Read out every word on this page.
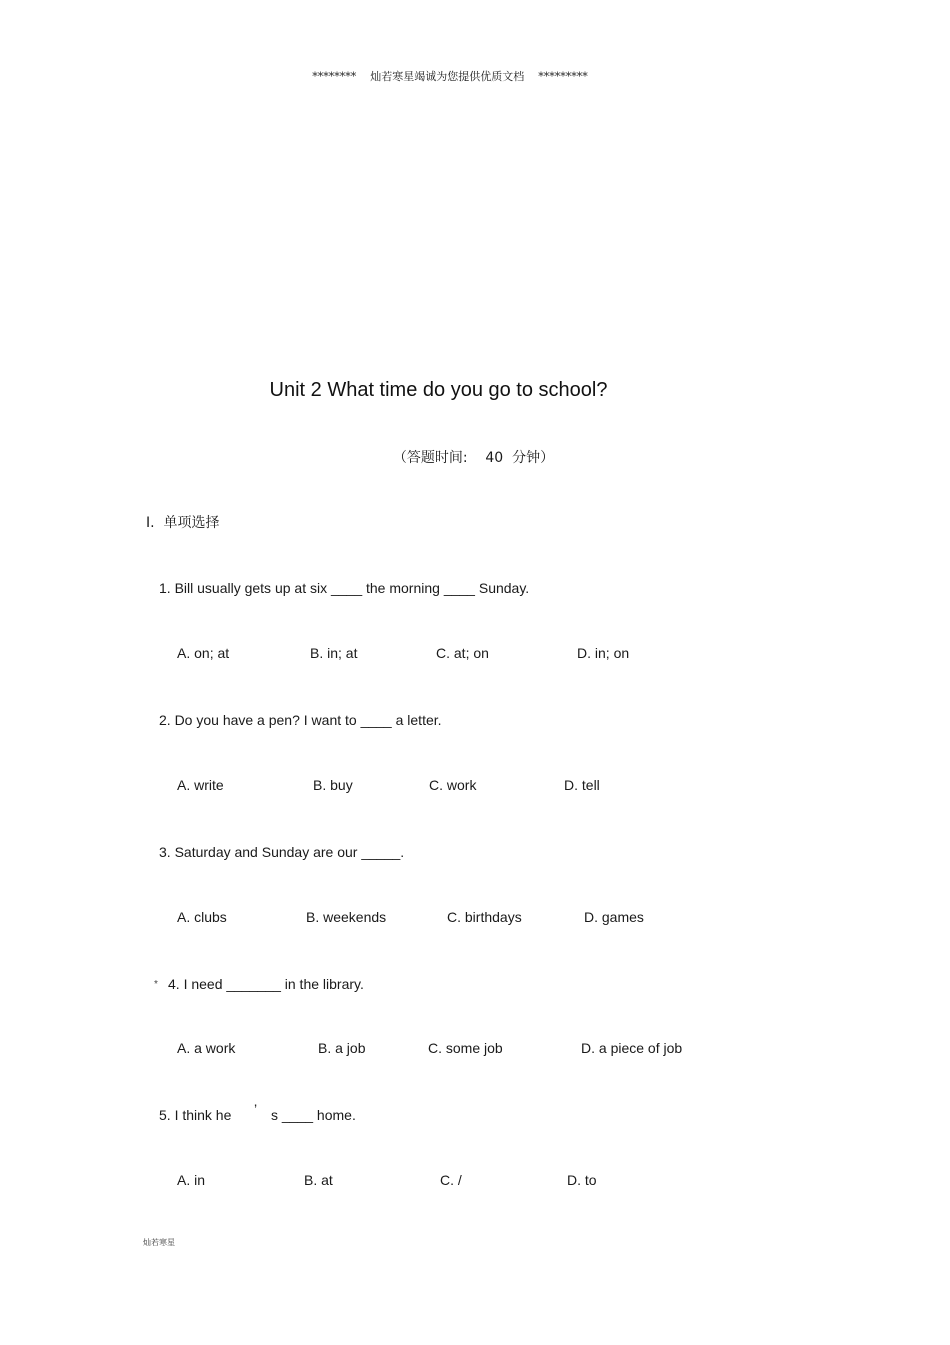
******** 灿若寒星竭诚为您提供优质文档 *********
Unit 2 What time do you go to school?
（答题时间: 40 分钟）
Ⅰ. 单项选择
1. Bill usually gets up at six ____ the morning ____ Sunday.
A. on; at	B. in; at	C. at; on	D. in; on
2. Do you have a pen? I want to ____ a letter.
A. write	B. buy	C. work	D. tell
3. Saturday and Sunday are our _____.
A. clubs	B. weekends	C. birthdays	D. games
* 4. I need _______ in the library.
A. a work	B. a job	C. some job	D. a piece of job
5. I think he ’ s ____ home.
A. in	B. at	C. /	D. to
灿若寒星
